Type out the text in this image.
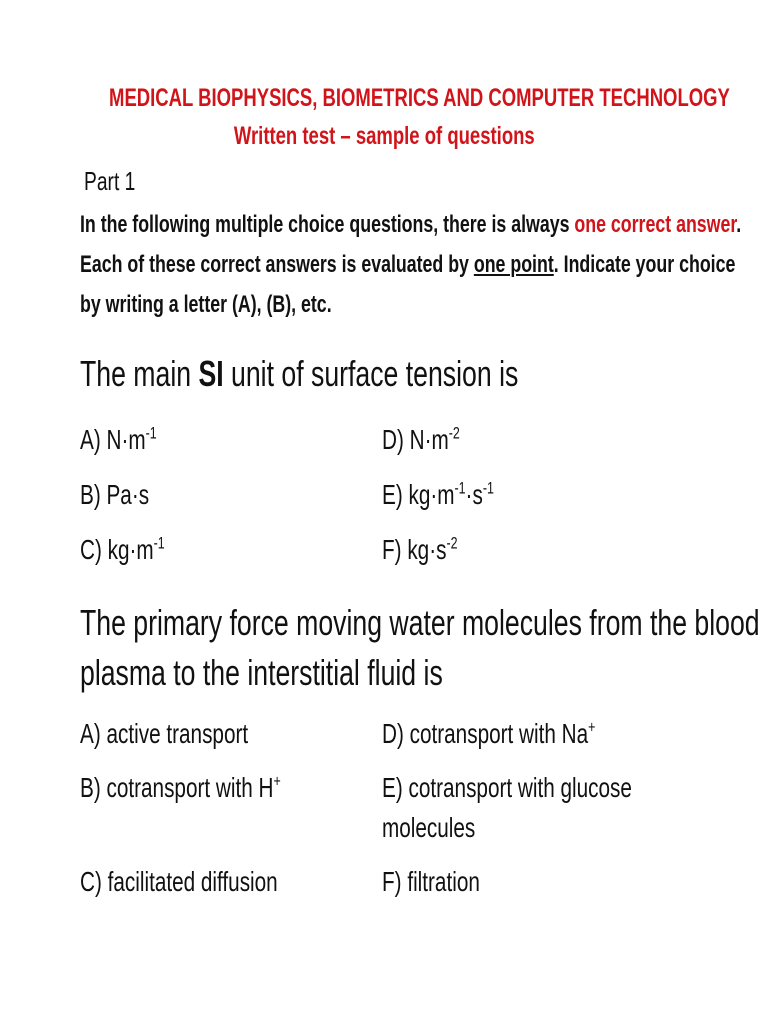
MEDICAL BIOPHYSICS, BIOMETRICS AND COMPUTER TECHNOLOGY
Written test – sample of questions
Part 1
In the following multiple choice questions, there is always one correct answer.
Each of these correct answers is evaluated by one point. Indicate your choice
by writing a letter (A), (B), etc.
The main SI unit of surface tension is
A) $N\cdot m^{-1}$
B) Pa·s
C) $kg\cdot m^{-1}$
D) $N\cdot m^{-2}$
E) $kg\cdot m^{-1}\cdot s^{-1}$
F) $kg\cdot s^{-2}$
The primary force moving water molecules from the blood
plasma to the interstitial fluid is
A) active transport
B) cotransport with H+
C) facilitated diffusion
D) cotransport with Na+
E) cotransport with glucose
molecules
F) filtration
